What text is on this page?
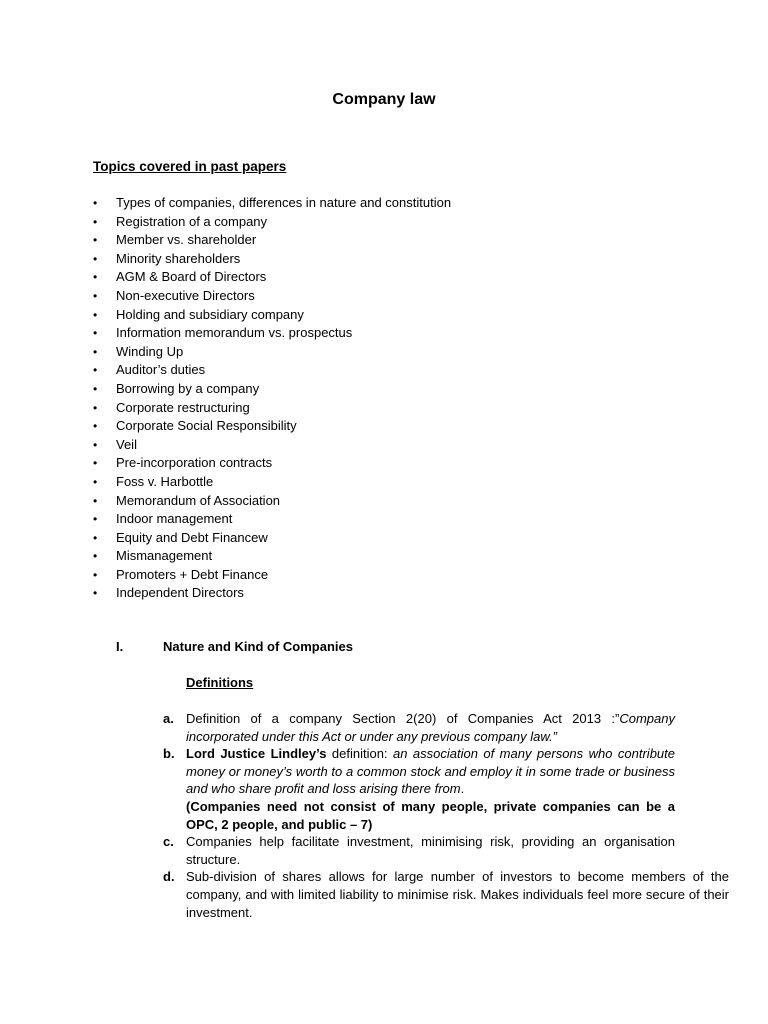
Company law
Topics covered in past papers
•	Types of companies, differences in nature and constitution
•	Registration of a company
•	Member vs. shareholder
•	Minority shareholders
•	AGM & Board of Directors
•	Non-executive Directors
•	Holding and subsidiary company
•	Information memorandum vs. prospectus
•	Winding Up
•	Auditor’s duties
•	Borrowing by a company
•	Corporate restructuring
•	Corporate Social Responsibility
•	Veil
•	Pre-incorporation contracts
•	Foss v. Harbottle
•	Memorandum of Association
•	Indoor management
•	Equity and Debt Financew
•	Mismanagement
•	Promoters + Debt Finance
•	Independent Directors
I.	Nature and Kind of Companies
Definitions

a. Definition of a company Section 2(20) of Companies Act 2013 :”Company incorporated under this Act or under any previous company law.”

b. Lord Justice Lindley’s definition: an association of many persons who contribute money or money’s worth to a common stock and employ it in some trade or business and who share profit and loss arising there from.
(Companies need not consist of many people, private companies can be a OPC, 2 people, and public – 7)

c. Companies help facilitate investment, minimising risk, providing an organisation structure.

d. Sub-division of shares allows for large number of investors to become members of the company, and with limited liability to minimise risk. Makes individuals feel more secure of their investment.
